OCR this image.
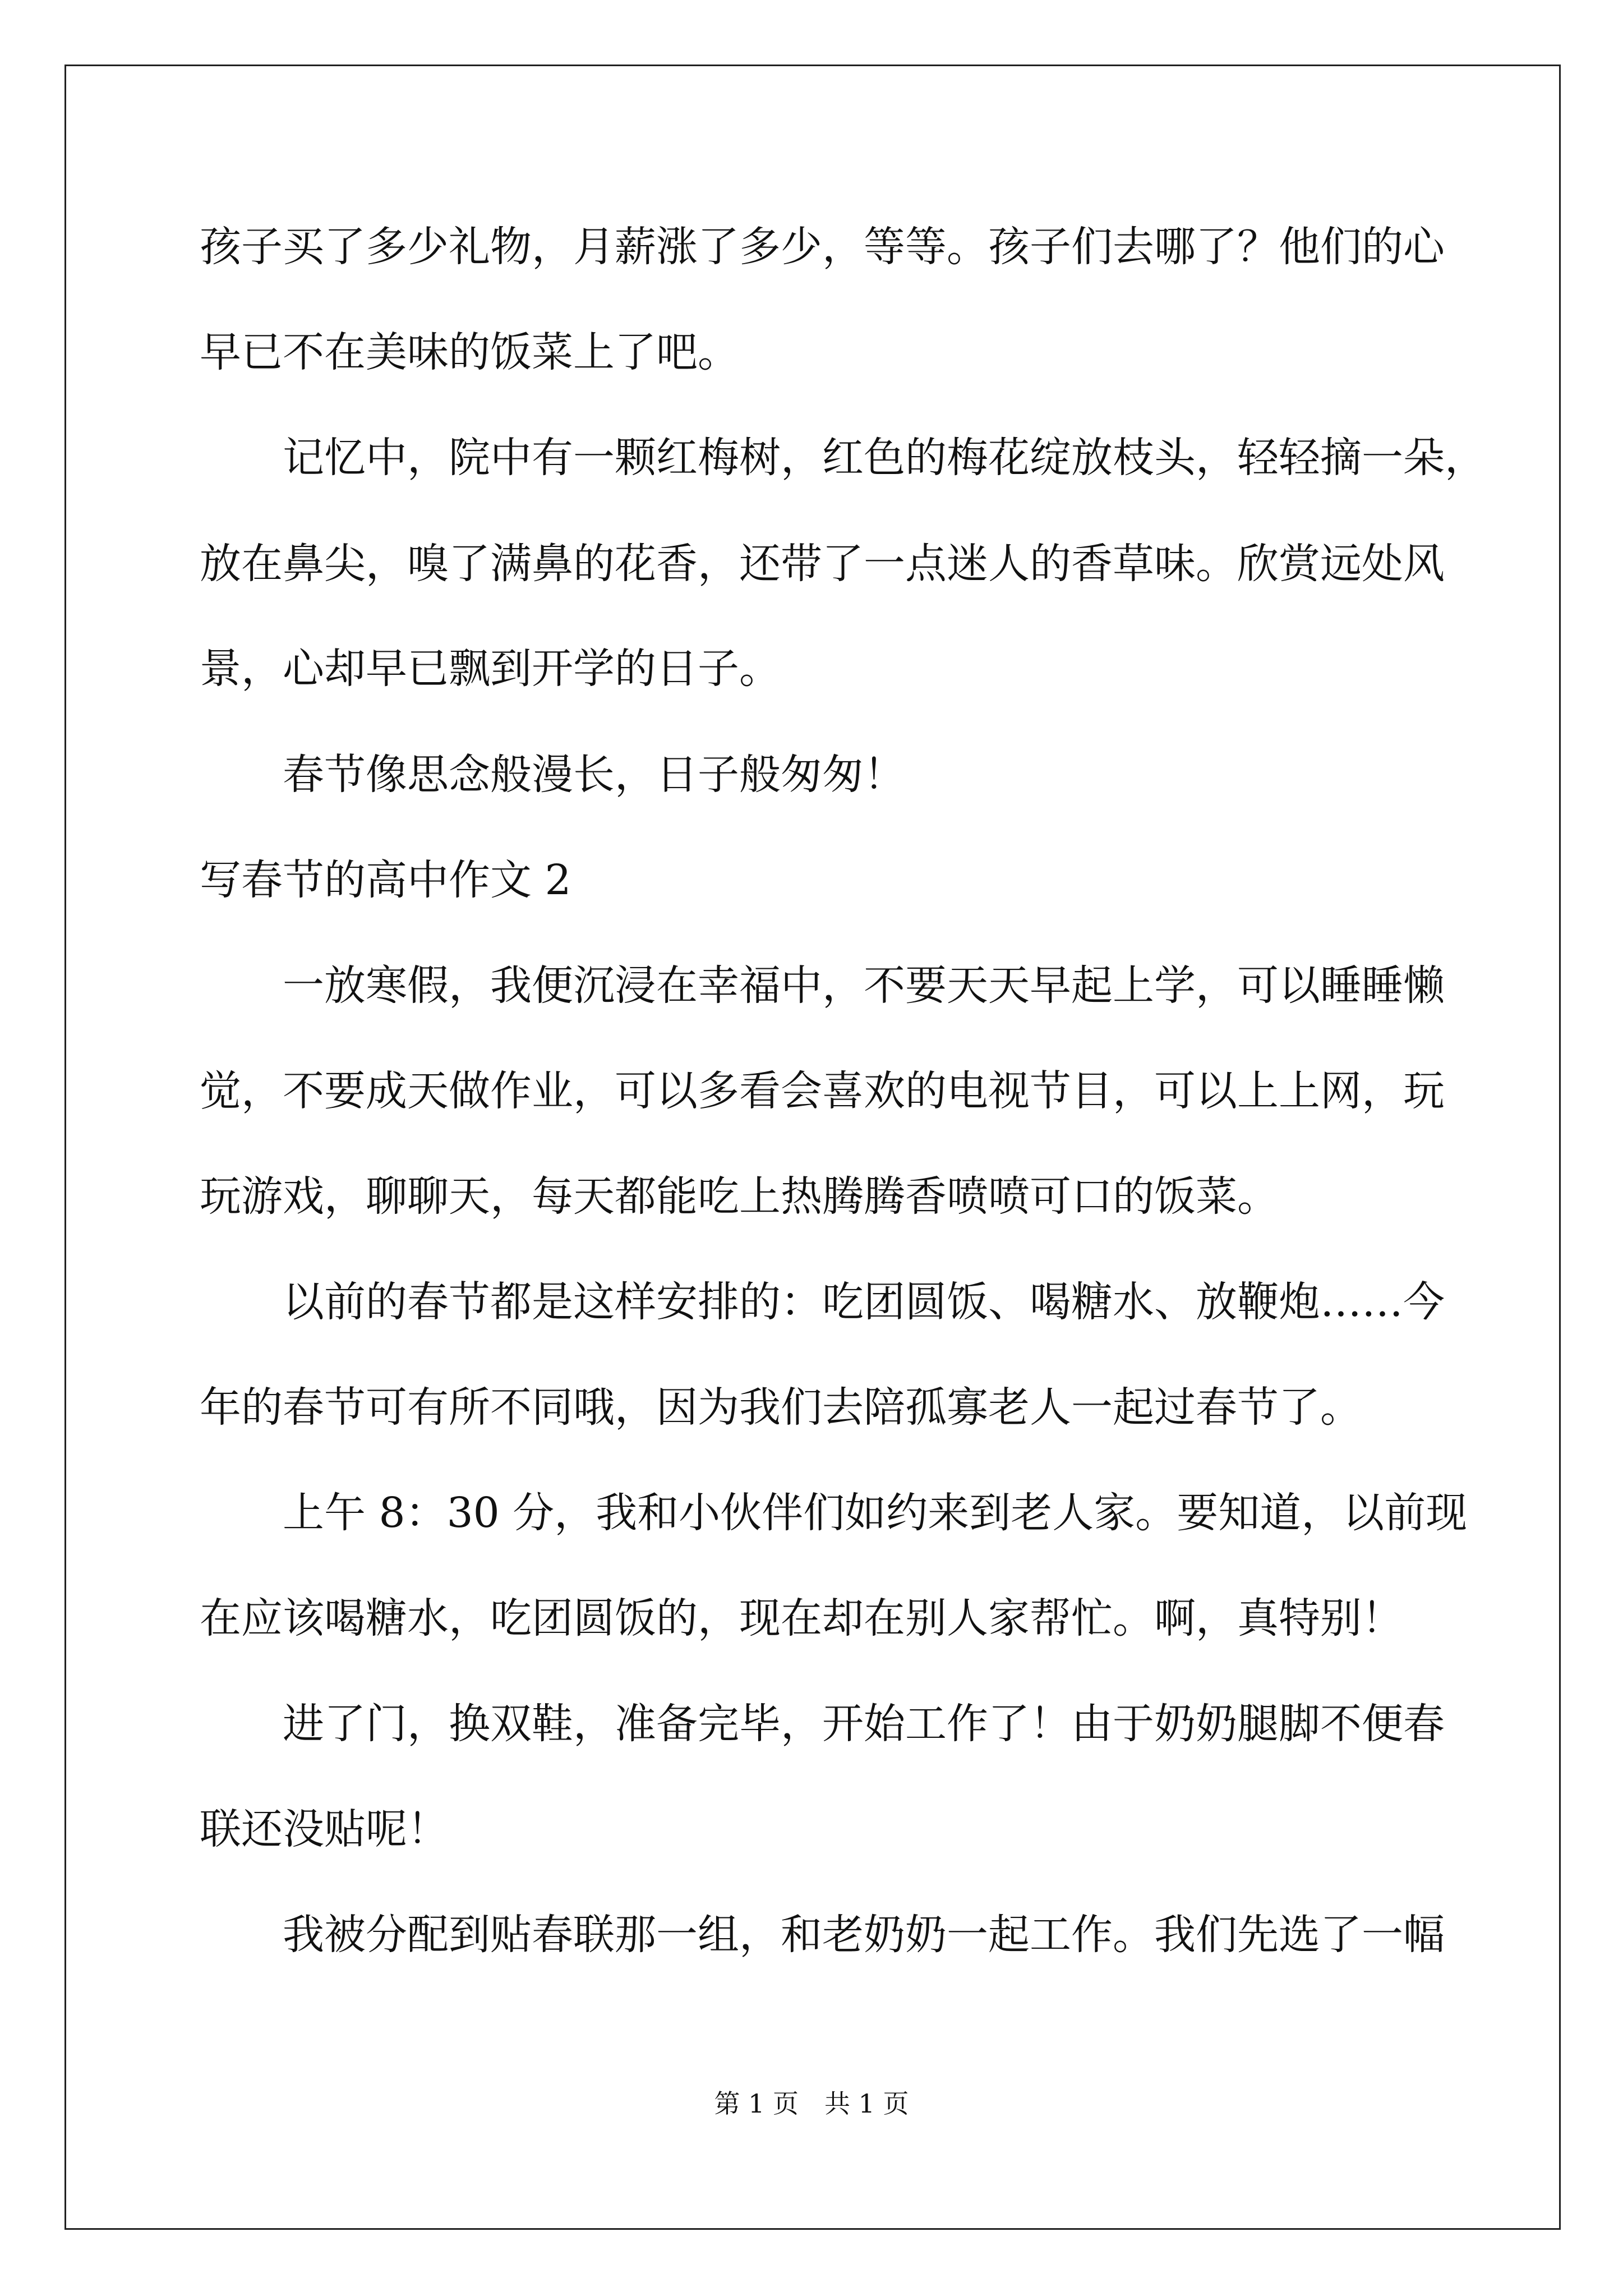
孩子买了多少礼物，月薪涨了多少，等等。孩子们去哪了？他们的心
早已不在美味的饭菜上了吧。
记忆中，院中有一颗红梅树，红色的梅花绽放枝头，轻轻摘一朵，
放在鼻尖，嗅了满鼻的花香，还带了一点迷人的香草味。欣赏远处风
景，心却早已飘到开学的日子。
春节像思念般漫长，日子般匆匆！
写春节的高中作文 2
一放寒假，我便沉浸在幸福中，不要天天早起上学，可以睡睡懒
觉，不要成天做作业，可以多看会喜欢的电视节目，可以上上网，玩
玩游戏，聊聊天，每天都能吃上热腾腾香喷喷可口的饭菜。
以前的春节都是这样安排的：吃团圆饭、喝糖水、放鞭炮……今
年的春节可有所不同哦，因为我们去陪孤寡老人一起过春节了。
上午 8：30 分，我和小伙伴们如约来到老人家。要知道，以前现
在应该喝糖水，吃团圆饭的，现在却在别人家帮忙。啊，真特别！
进了门，换双鞋，准备完毕，开始工作了！由于奶奶腿脚不便春
联还没贴呢！
我被分配到贴春联那一组，和老奶奶一起工作。我们先选了一幅
第 1 页　共 1 页
